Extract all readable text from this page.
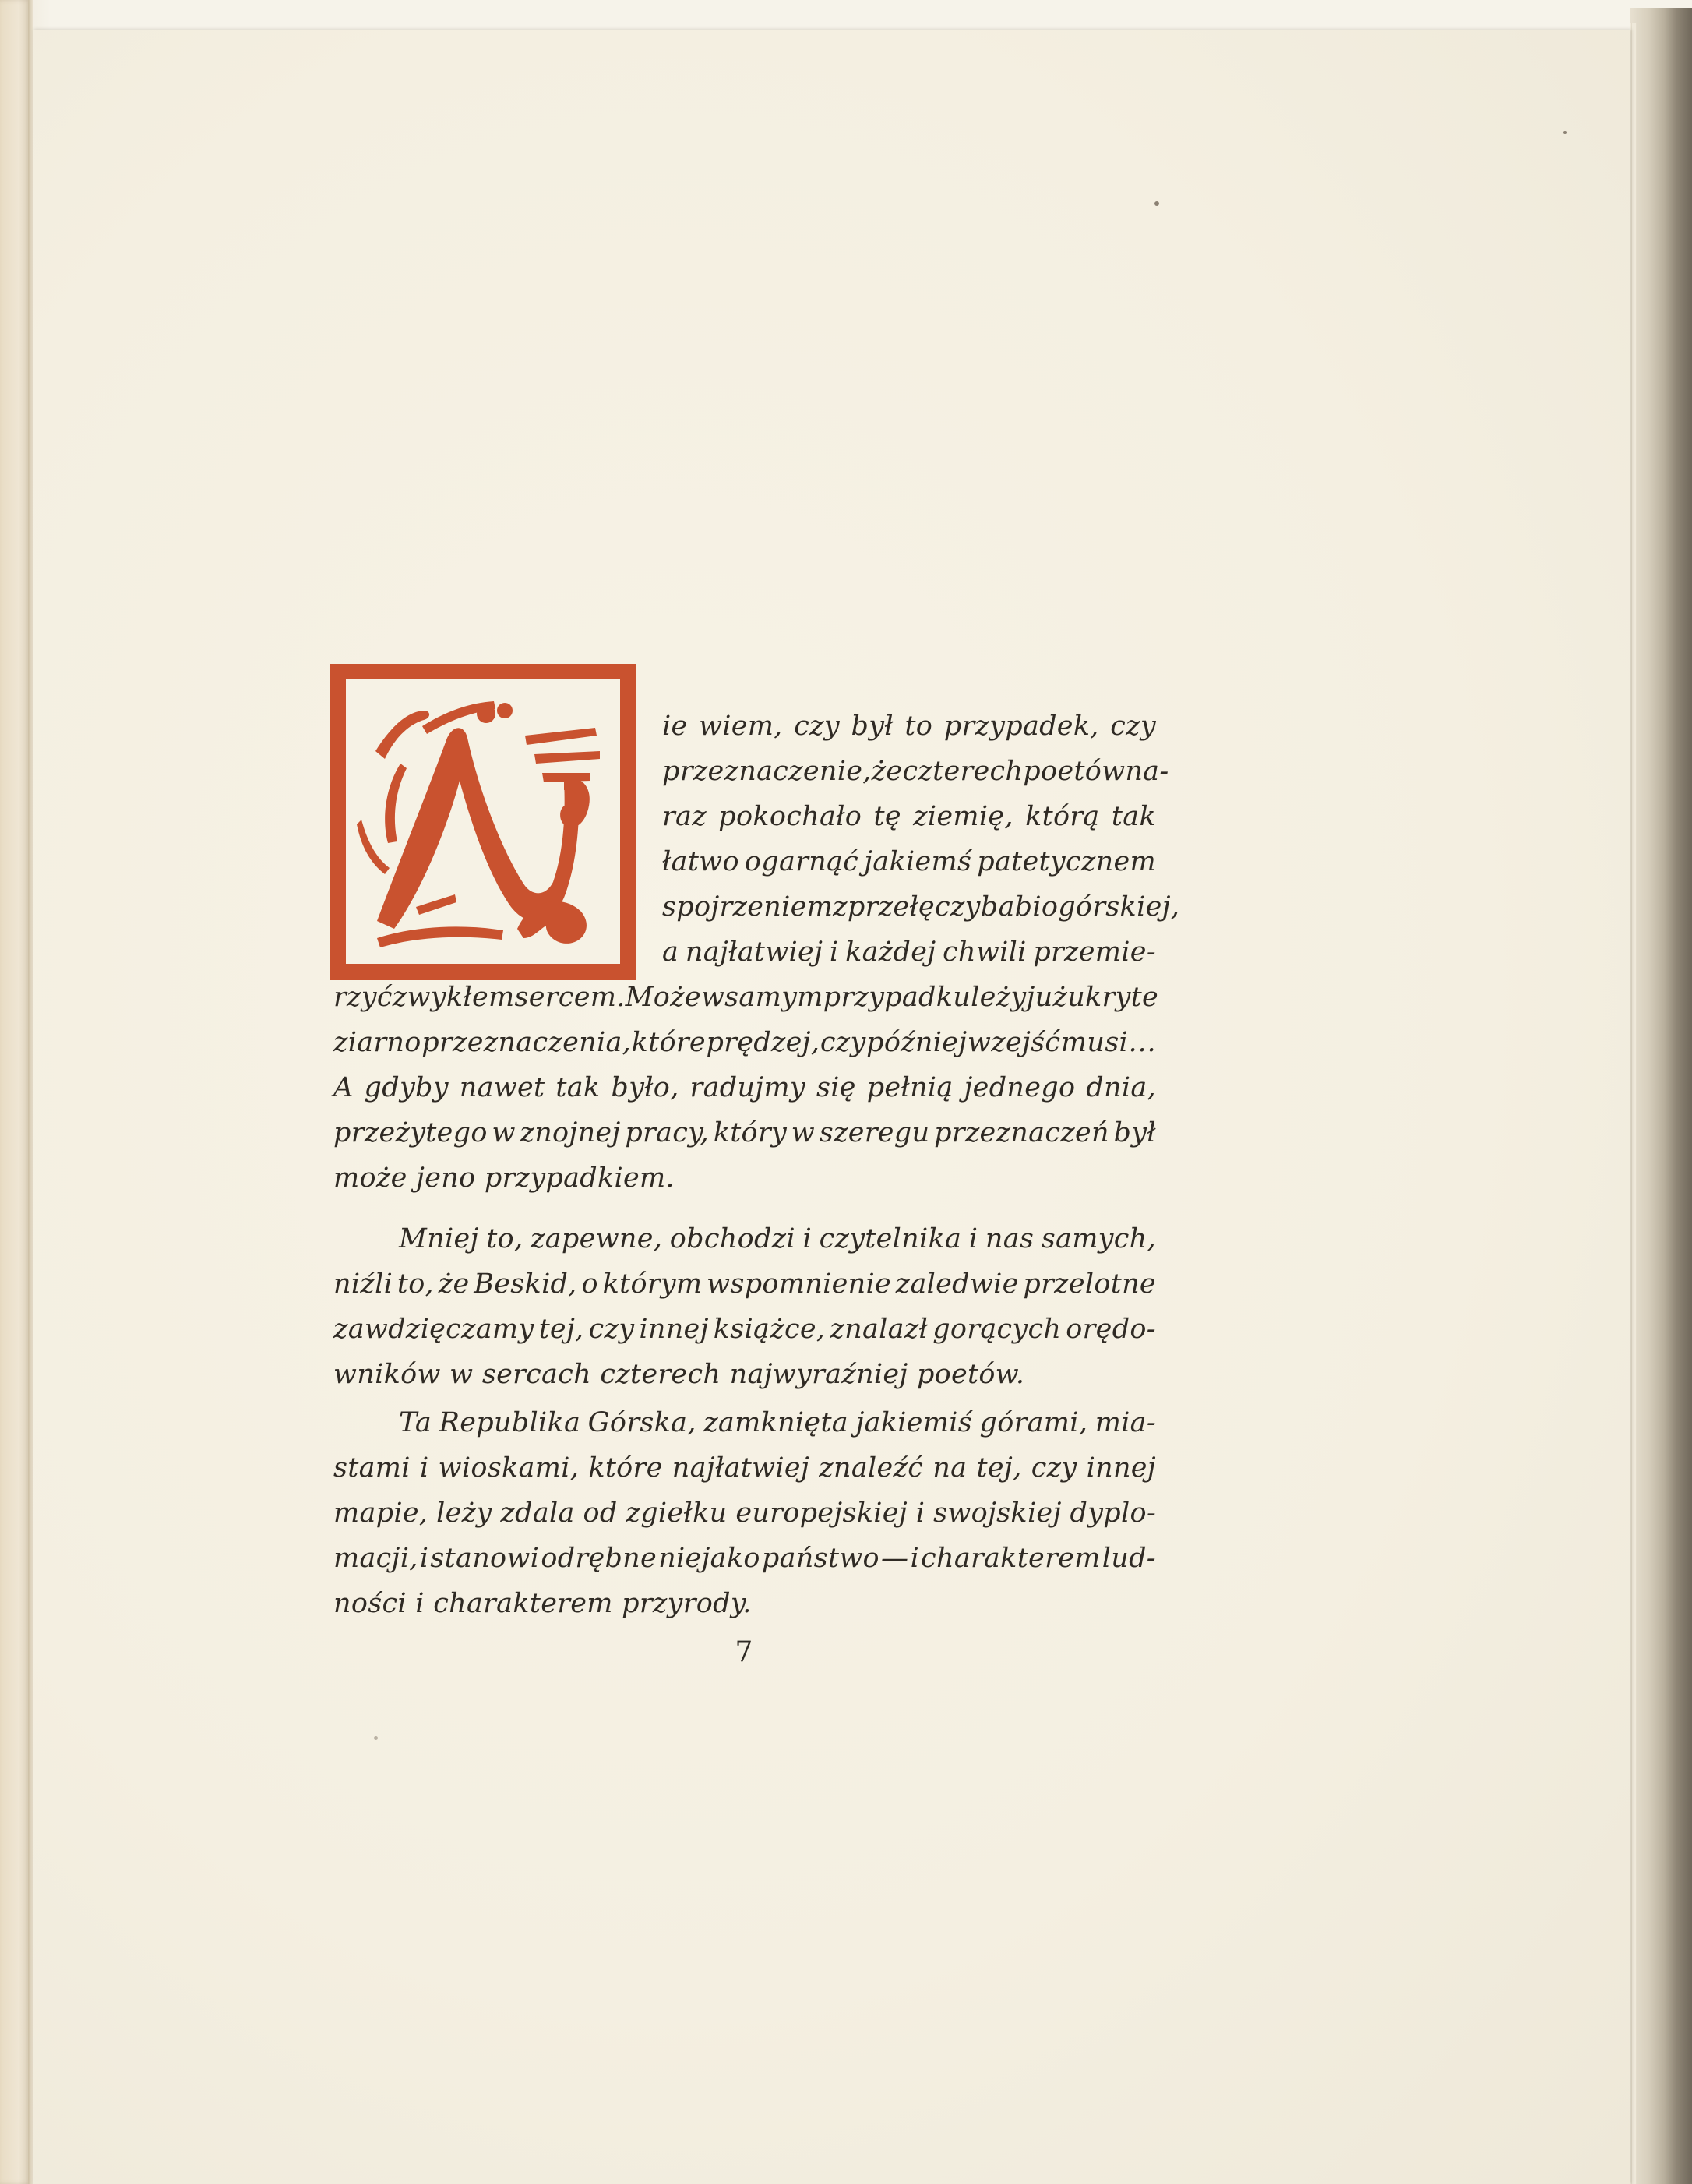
ie wiem, czy był to przypadek, czy
przeznaczenie, że czterech poetów na-
raz pokochało tę ziemię, którą tak
łatwo ogarnąć jakiemś patetycznem
spojrzeniem z przełęczy babiogórskiej,
a najłatwiej i każdej chwili przemie-
rzyć zwykłem sercem. Może w samym przypadku leży już ukryte
ziarno przeznaczenia, które prędzej, czy później wzejść musi . . .
A gdyby nawet tak było, radujmy się pełnią jednego dnia,
przeżytego w znojnej pracy, który w szeregu przeznaczeń był
może jeno przypadkiem.
Mniej to, zapewne, obchodzi i czytelnika i nas samych,
niźli to, że Beskid, o którym wspomnienie zaledwie przelotne
zawdzięczamy tej, czy innej książce, znalazł gorących orędo-
wników w sercach czterech najwyraźniej poetów.
Ta Republika Górska, zamknięta jakiemiś górami, mia-
stami i wioskami, które najłatwiej znaleźć na tej, czy innej
mapie, leży zdala od zgiełku europejskiej i swojskiej dyplo-
macji, i stanowi odrębne niejako państwo — i charakterem lud-
ności i charakterem przyrody.
7
